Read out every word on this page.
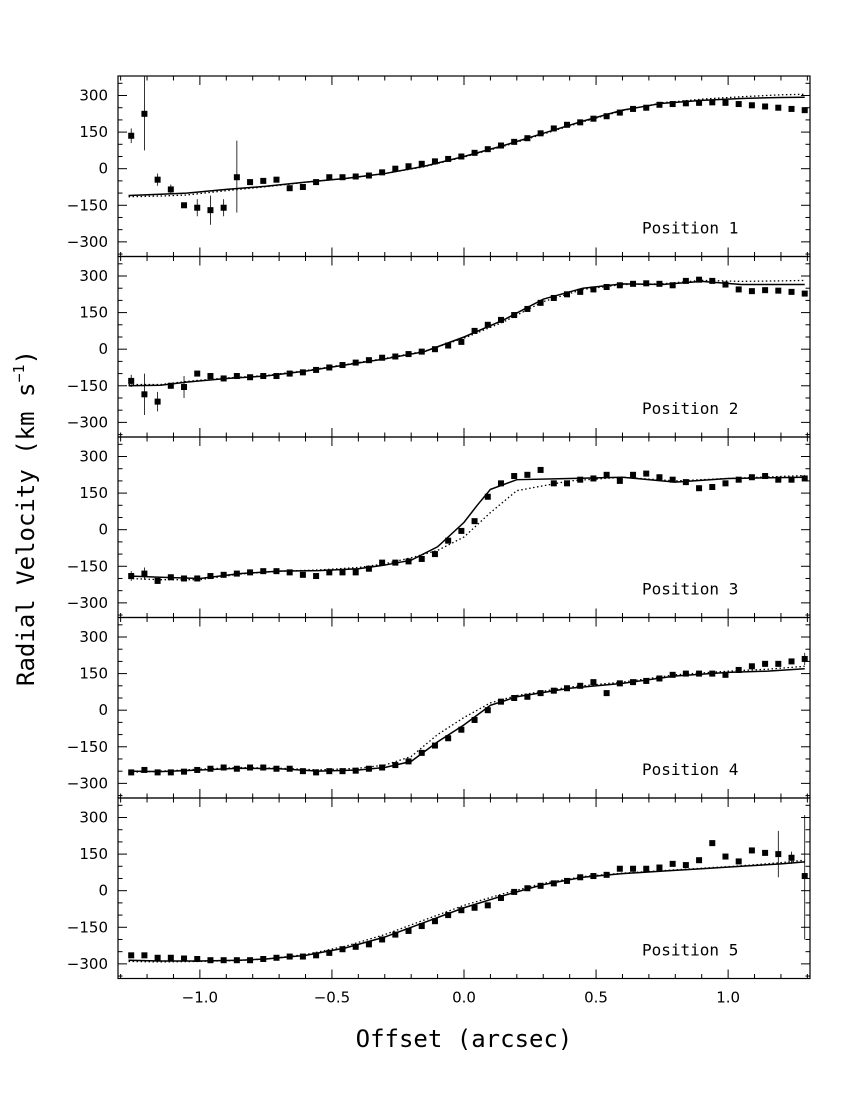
300
150
0
−150
−300
Position 1
300
150
0
−150
−300
Position 2
300
150
0
−150
−300
Position 3
300
150
0
−150
−300
Position 4
300
150
0
−150
−300
Position 5
−1.0	−0.5	0.0	0.5	1.0
Offset (arcsec)
Radial Velocity (km $s^{-1}$)
